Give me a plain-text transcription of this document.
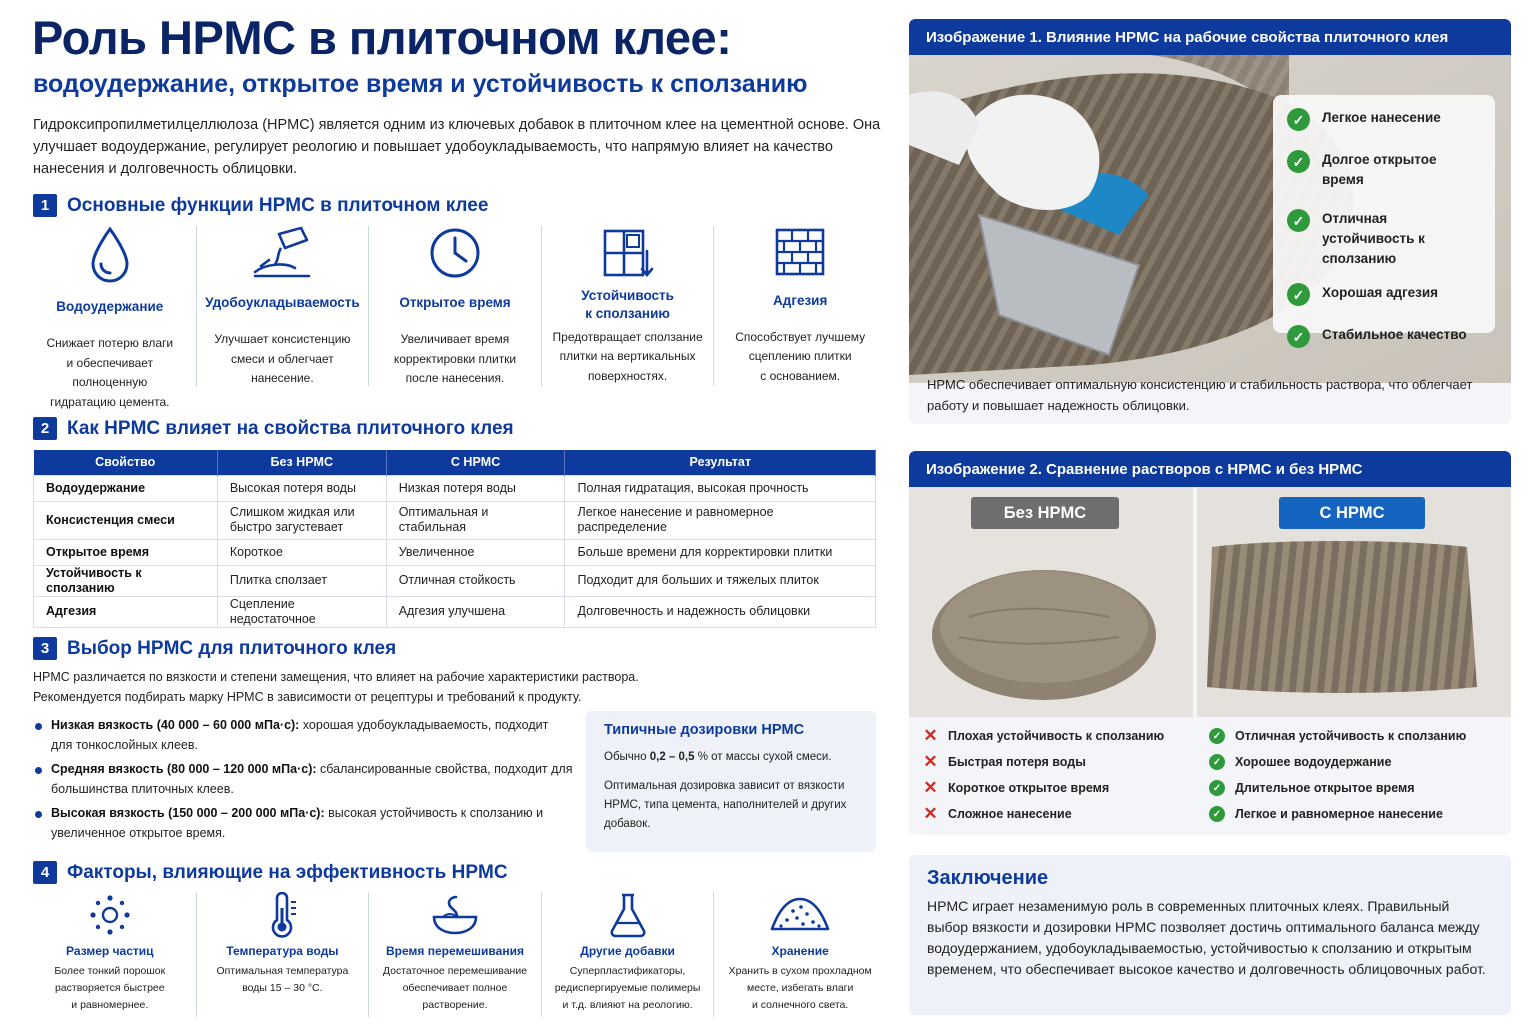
Роль HPMC в плиточном клее:
водоудержание, открытое время и устойчивость к сползанию
Гидроксипропилметилцеллюлоза (HPMC) является одним из ключевых добавок в плиточном клее на цементной основе. Она улучшает водоудержание, регулирует реологию и повышает удобоукладываемость, что напрямую влияет на качество нанесения и долговечность облицовки.
1 Основные функции HPMC в плиточном клее
Водоудержание
Снижает потерю влаги
и обеспечивает полноценную
гидратацию цемента.
Удобоукладываемость
Улучшает консистенцию
смеси и облегчает
нанесение.
Открытое время
Увеличивает время
корректировки плитки
после нанесения.
Устойчивость
к сползанию
Предотвращает сползание
плитки на вертикальных
поверхностях.
Адгезия
Способствует лучшему
сцеплению плитки
с основанием.
2 Как HPMC влияет на свойства плиточного клея
Свойство	Без HPMC	С HPMC	Результат
Водоудержание	Высокая потеря воды	Низкая потеря воды	Полная гидратация, высокая прочность
Консистенция смеси	Слишком жидкая или быстро загустевает	Оптимальная и стабильная	Легкое нанесение и равномерное распределение
Открытое время	Короткое	Увеличенное	Больше времени для корректировки плитки
Устойчивость к сползанию	Плитка сползает	Отличная стойкость	Подходит для больших и тяжелых плиток
Адгезия	Сцепление недостаточное	Адгезия улучшена	Долговечность и надежность облицовки
3 Выбор HPMC для плиточного клея
HPMC различается по вязкости и степени замещения, что влияет на рабочие характеристики раствора.
Рекомендуется подбирать марку HPMC в зависимости от рецептуры и требований к продукту.
Низкая вязкость (40 000 – 60 000 мПа·с): хорошая удобоукладываемость, подходит для тонкослойных клеев.
Средняя вязкость (80 000 – 120 000 мПа·с): сбалансированные свойства, подходит для большинства плиточных клеев.
Высокая вязкость (150 000 – 200 000 мПа·с): высокая устойчивость к сползанию и увеличенное открытое время.
Типичные дозировки HPMC
Обычно 0,2 – 0,5 % от массы сухой смеси.
Оптимальная дозировка зависит от вязкости HPMC, типа цемента, наполнителей и других добавок.
4 Факторы, влияющие на эффективность HPMC
Размер частиц
Более тонкий порошок
растворяется быстрее
и равномернее.
Температура воды
Оптимальная температура
воды 15 – 30 °С.
Время перемешивания
Достаточное перемешивание
обеспечивает полное
растворение.
Другие добавки
Суперпластификаторы,
редиспергируемые полимеры
и т.д. влияют на реологию.
Хранение
Хранить в сухом прохладном
месте, избегать влаги
и солнечного света.
Изображение 1. Влияние HPMC на рабочие свойства плиточного клея
✓	Легкое нанесение
✓	Долгое открытое время
✓	Отличная устойчивость к сползанию
✓	Хорошая адгезия
✓	Стабильное качество
HPMC обеспечивает оптимальную консистенцию и стабильность раствора, что облегчает работу и повышает надежность облицовки.
Изображение 2. Сравнение растворов с HPMC и без HPMC
Без HPMC	С HPMC
✕ Плохая устойчивость к сползанию
✕ Быстрая потеря воды
✕ Короткое открытое время
✕ Сложное нанесение
✓	Отличная устойчивость к сползанию
✓	Хорошее водоудержание
✓	Длительное открытое время
✓	Легкое и равномерное нанесение
Заключение
HPMC играет незаменимую роль в современных плиточных клеях. Правильный выбор вязкости и дозировки HPMC позволяет достичь оптимального баланса между водоудержанием, удобоукладываемостью, устойчивостью к сползанию и открытым временем, что обеспечивает высокое качество и долговечность облицовочных работ.
